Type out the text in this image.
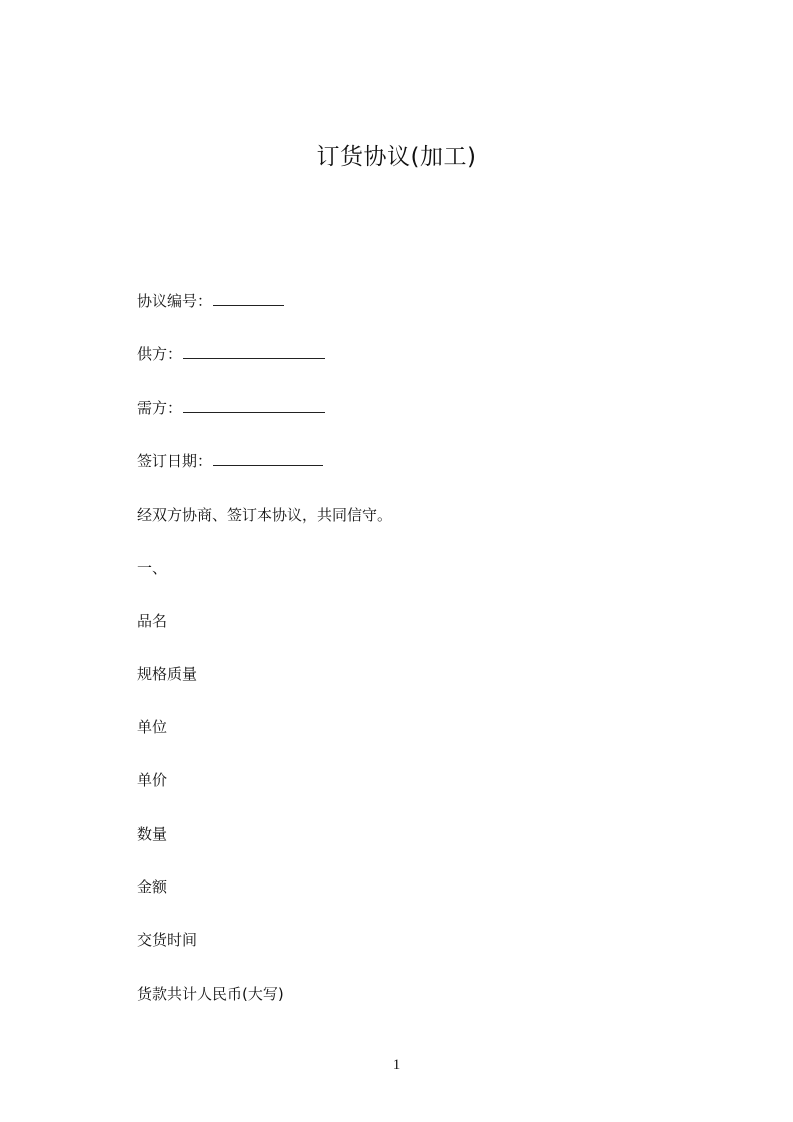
订货协议(加工)
协议编号：
供方：
需方：
签订日期：
经双方协商、签订本协议，共同信守。
一、
品名
规格质量
单位
单价
数量
金额
交货时间
货款共计人民币(大写)
1
